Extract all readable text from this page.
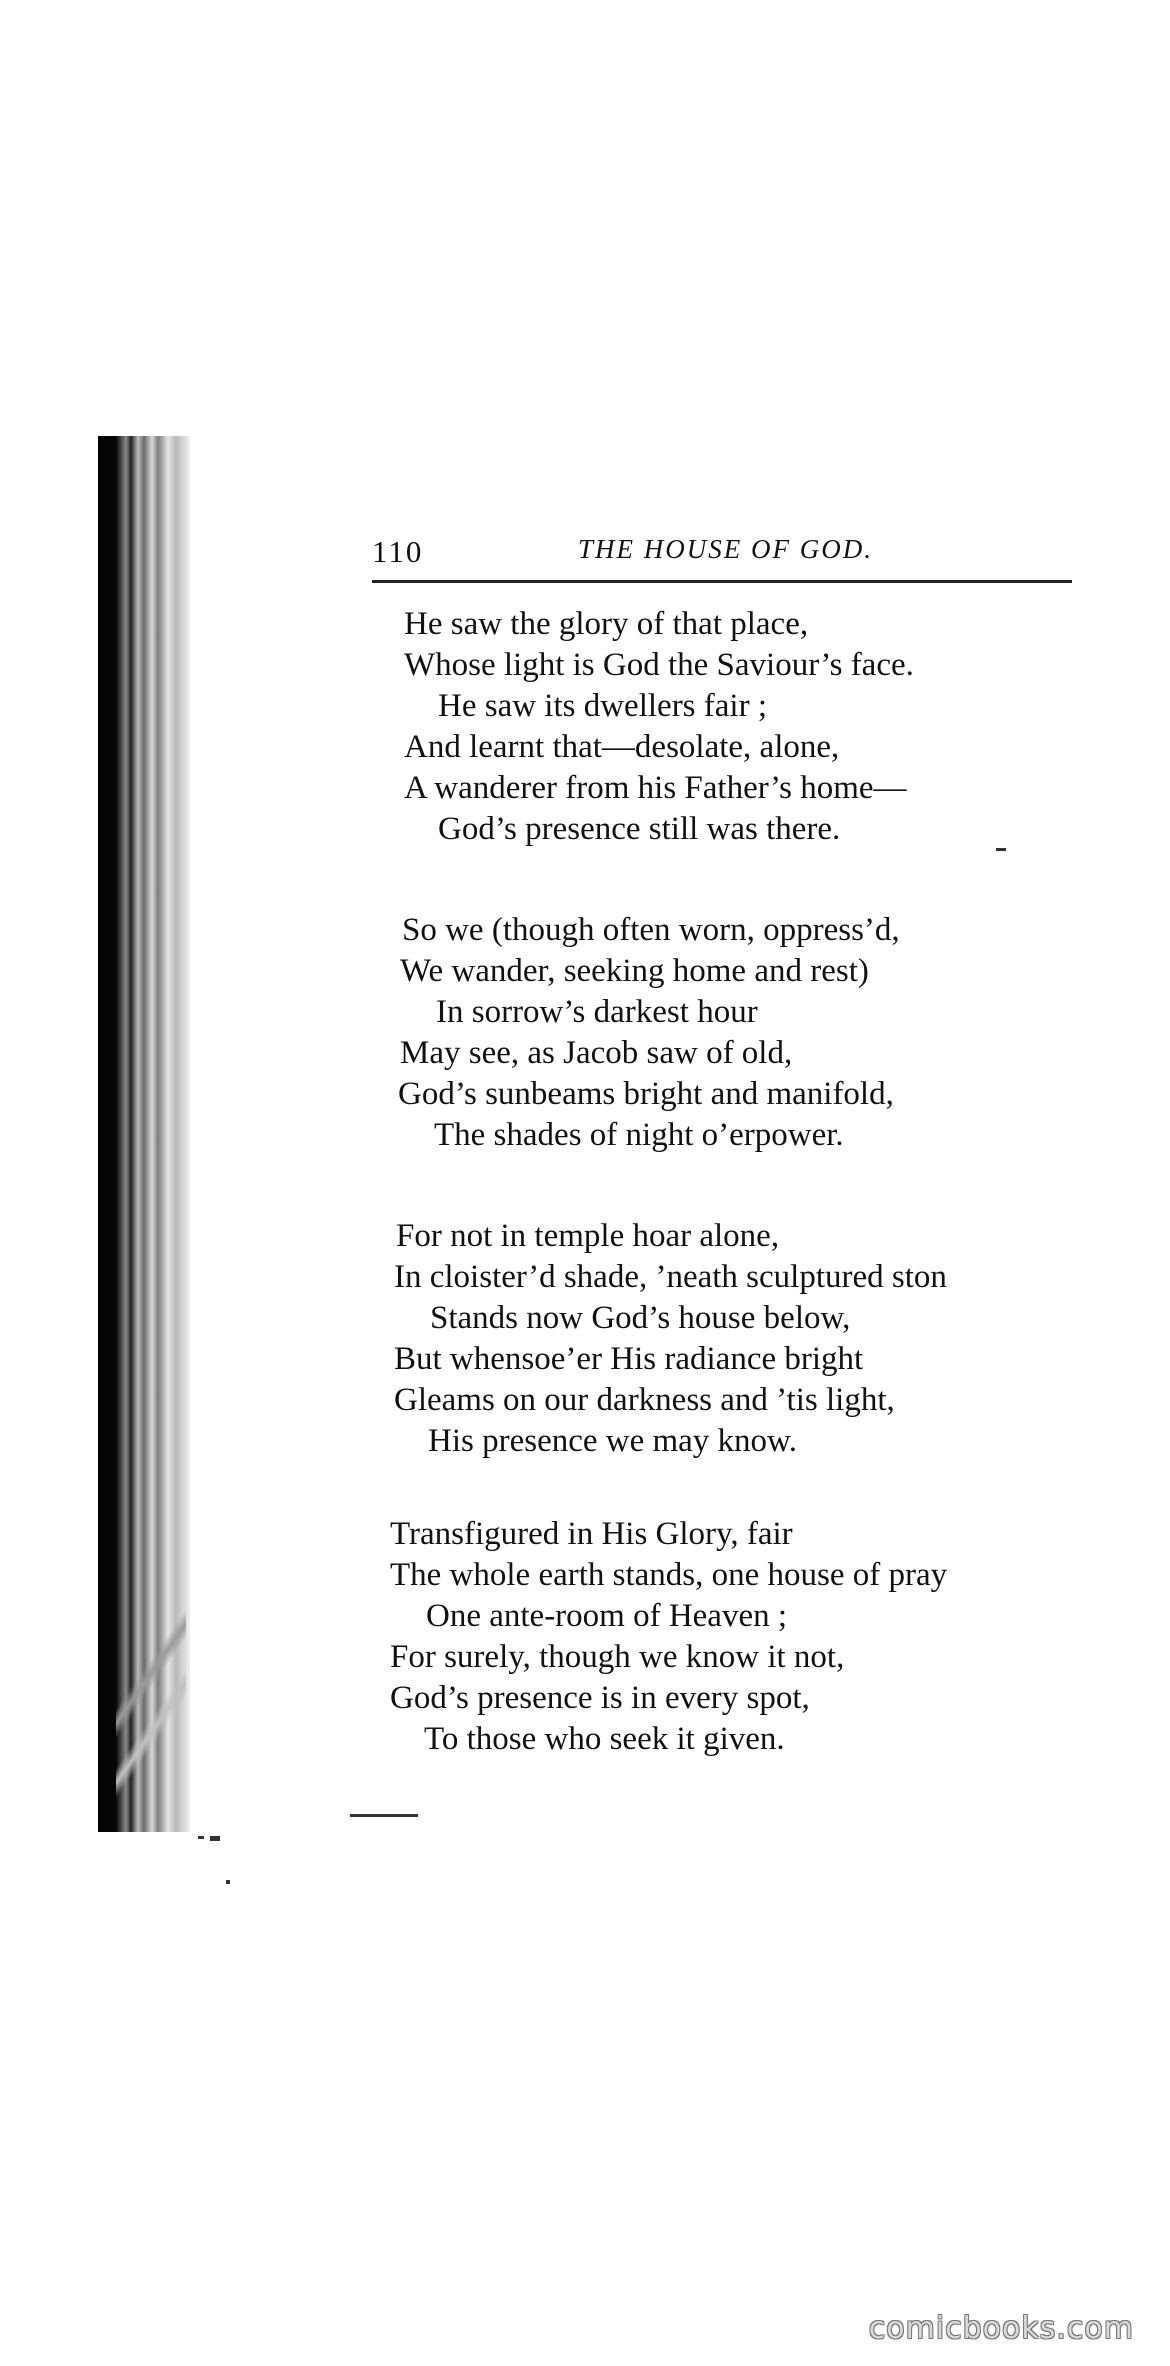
110	THE HOUSE OF GOD.
He saw the glory of that place,
Whose light is God the Saviour’s face.
He saw its dwellers fair ;
And learnt that—desolate, alone,
A wanderer from his Father’s home—
God’s presence still was there.
So we (though often worn, oppress’d,
We wander, seeking home and rest)
In sorrow’s darkest hour
May see, as Jacob saw of old,
God’s sunbeams bright and manifold,
The shades of night o’erpower.
For not in temple hoar alone,
In cloister’d shade, ’neath sculptured ston
Stands now God’s house below,
But whensoe’er His radiance bright
Gleams on our darkness and ’tis light,
His presence we may know.
Transfigured in His Glory, fair
The whole earth stands, one house of pray
One ante-room of Heaven ;
For surely, though we know it not,
God’s presence is in every spot,
To those who seek it given.
comicbooks.com
